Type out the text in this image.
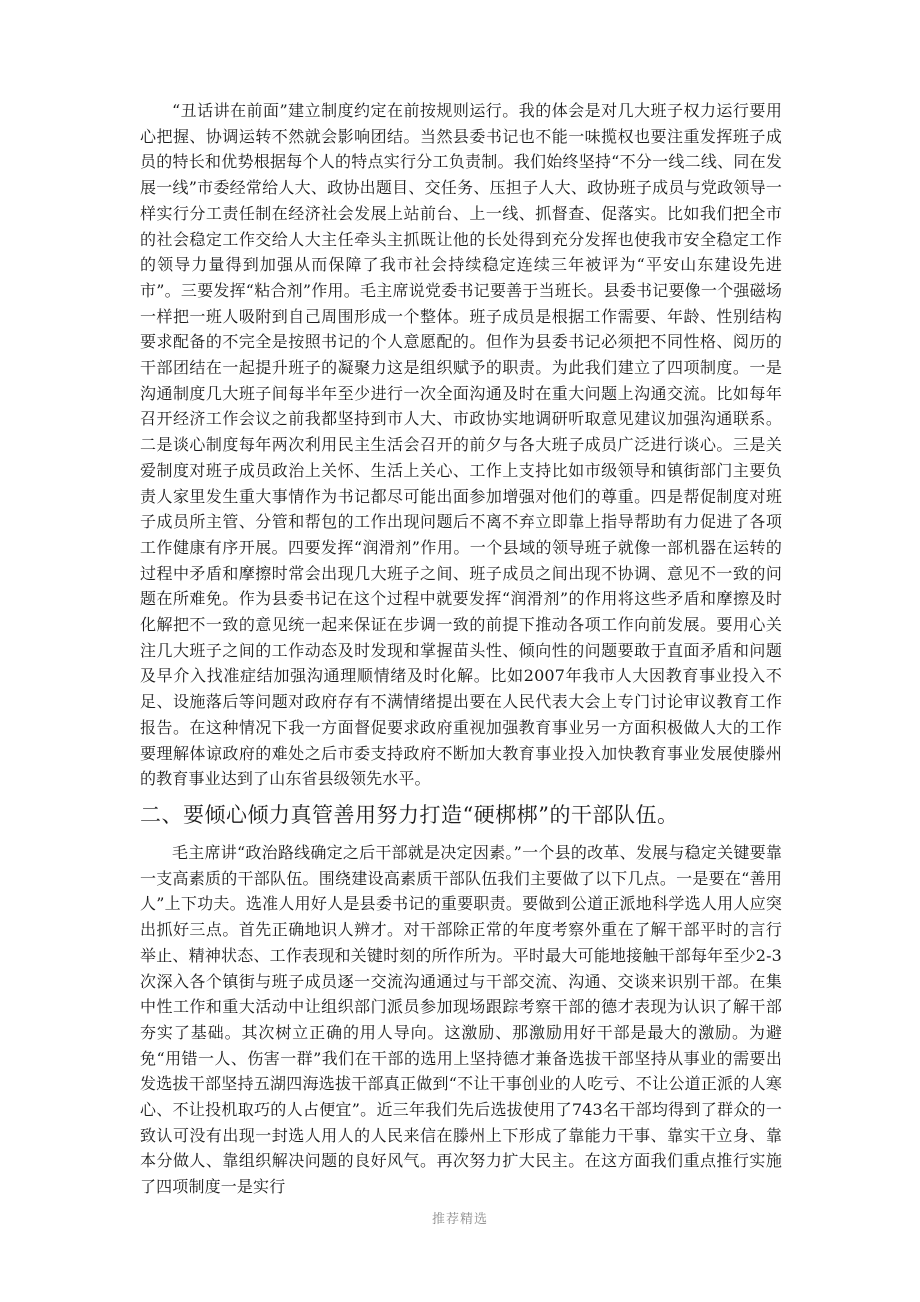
“丑话讲在前面”建立制度约定在前按规则运行。我的体会是对几大班子权力运行要用心把握、协调运转不然就会影响团结。当然县委书记也不能一味揽权也要注重发挥班子成员的特长和优势根据每个人的特点实行分工负责制。我们始终坚持“不分一线二线、同在发展一线”市委经常给人大、政协出题目、交任务、压担子人大、政协班子成员与党政领导一样实行分工责任制在经济社会发展上站前台、上一线、抓督查、促落实。比如我们把全市的社会稳定工作交给人大主任牵头主抓既让他的长处得到充分发挥也使我市安全稳定工作的领导力量得到加强从而保障了我市社会持续稳定连续三年被评为“平安山东建设先进市”。三要发挥“粘合剂”作用。毛主席说党委书记要善于当班长。县委书记要像一个强磁场一样把一班人吸附到自己周围形成一个整体。班子成员是根据工作需要、年龄、性别结构要求配备的不完全是按照书记的个人意愿配的。但作为县委书记必须把不同性格、阅历的干部团结在一起提升班子的凝聚力这是组织赋予的职责。为此我们建立了四项制度。一是沟通制度几大班子间每半年至少进行一次全面沟通及时在重大问题上沟通交流。比如每年召开经济工作会议之前我都坚持到市人大、市政协实地调研听取意见建议加强沟通联系。二是谈心制度每年两次利用民主生活会召开的前夕与各大班子成员广泛进行谈心。三是关爱制度对班子成员政治上关怀、生活上关心、工作上支持比如市级领导和镇街部门主要负责人家里发生重大事情作为书记都尽可能出面参加增强对他们的尊重。四是帮促制度对班子成员所主管、分管和帮包的工作出现问题后不离不弃立即靠上指导帮助有力促进了各项工作健康有序开展。四要发挥“润滑剂”作用。一个县域的领导班子就像一部机器在运转的过程中矛盾和摩擦时常会出现几大班子之间、班子成员之间出现不协调、意见不一致的问题在所难免。作为县委书记在这个过程中就要发挥“润滑剂”的作用将这些矛盾和摩擦及时化解把不一致的意见统一起来保证在步调一致的前提下推动各项工作向前发展。要用心关注几大班子之间的工作动态及时发现和掌握苗头性、倾向性的问题要敢于直面矛盾和问题及早介入找准症结加强沟通理顺情绪及时化解。比如2007年我市人大因教育事业投入不足、设施落后等问题对政府存有不满情绪提出要在人民代表大会上专门讨论审议教育工作报告。在这种情况下我一方面督促要求政府重视加强教育事业另一方面积极做人大的工作要理解体谅政府的难处之后市委支持政府不断加大教育事业投入加快教育事业发展使滕州的教育事业达到了山东省县级领先水平。

二、要倾心倾力真管善用努力打造“硬梆梆”的干部队伍。

毛主席讲“政治路线确定之后干部就是决定因素。”一个县的改革、发展与稳定关键要靠一支高素质的干部队伍。围绕建设高素质干部队伍我们主要做了以下几点。一是要在“善用人”上下功夫。选准人用好人是县委书记的重要职责。要做到公道正派地科学选人用人应突出抓好三点。首先正确地识人辨才。对干部除正常的年度考察外重在了解干部平时的言行举止、精神状态、工作表现和关键时刻的所作所为。平时最大可能地接触干部每年至少2-3次深入各个镇街与班子成员逐一交流沟通通过与干部交流、沟通、交谈来识别干部。在集中性工作和重大活动中让组织部门派员参加现场跟踪考察干部的德才表现为认识了解干部夯实了基础。其次树立正确的用人导向。这激励、那激励用好干部是最大的激励。为避免“用错一人、伤害一群”我们在干部的选用上坚持德才兼备选拔干部坚持从事业的需要出发选拔干部坚持五湖四海选拔干部真正做到“不让干事创业的人吃亏、不让公道正派的人寒心、不让投机取巧的人占便宜”。近三年我们先后选拔使用了743名干部均得到了群众的一致认可没有出现一封选人用人的人民来信在滕州上下形成了靠能力干事、靠实干立身、靠本分做人、靠组织解决问题的良好风气。再次努力扩大民主。在这方面我们重点推行实施了四项制度一是实行

推荐精选
